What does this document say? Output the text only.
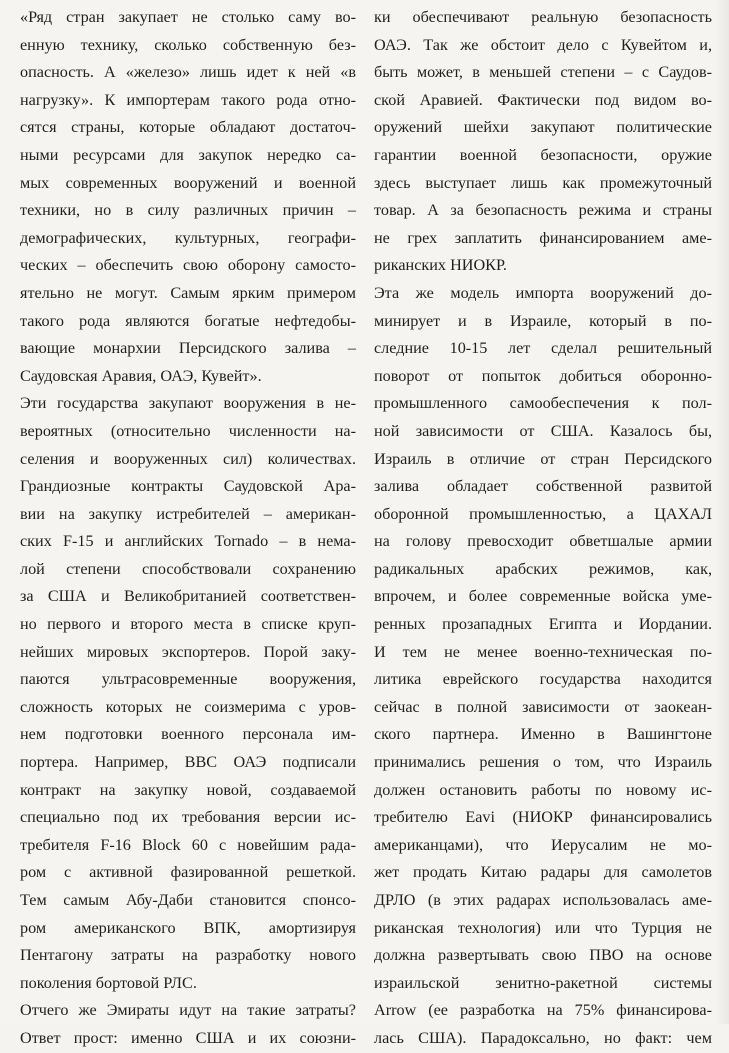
«Ряд стран закупает не столько саму во-
енную технику, сколько собственную без-
опасность. А «железо» лишь идет к ней «в
нагрузку». К импортерам такого рода отно-
сятся страны, которые обладают достаточ-
ными ресурсами для закупок нередко са-
мых современных вооружений и военной
техники, но в силу различных причин –
демографических, культурных, географи-
ческих – обеспечить свою оборону самосто-
ятельно не могут. Самым ярким примером
такого рода являются богатые нефтедобы-
вающие монархии Персидского залива –
Саудовская Аравия, ОАЭ, Кувейт».
Эти государства закупают вооружения в не-
вероятных (относительно численности на-
селения и вооруженных сил) количествах.
Грандиозные контракты Саудовской Ара-
вии на закупку истребителей – американ-
ских F-15 и английских Tornado – в нема-
лой степени способствовали сохранению
за США и Великобританией соответствен-
но первого и второго места в списке круп-
нейших мировых экспортеров. Порой заку-
паются ультрасовременные вооружения,
сложность которых не соизмерима с уров-
нем подготовки военного персонала им-
портера. Например, ВВС ОАЭ подписали
контракт на закупку новой, создаваемой
специально под их требования версии ис-
требителя F-16 Block 60 с новейшим рада-
ром с активной фазированной решеткой.
Тем самым Абу-Даби становится спонсо-
ром американского ВПК, амортизируя
Пентагону затраты на разработку нового
поколения бортовой РЛС.
Отчего же Эмираты идут на такие затраты?
Ответ прост: именно США и их союзни-
ки обеспечивают реальную безопасность
ОАЭ. Так же обстоит дело с Кувейтом и,
быть может, в меньшей степени – с Саудов-
ской Аравией. Фактически под видом во-
оружений шейхи закупают политические
гарантии военной безопасности, оружие
здесь выступает лишь как промежуточный
товар. А за безопасность режима и страны
не грех заплатить финансированием аме-
риканских НИОКР.
Эта же модель импорта вооружений до-
минирует и в Израиле, который в по-
следние 10-15 лет сделал решительный
поворот от попыток добиться оборонно-
промышленного самообеспечения к пол-
ной зависимости от США. Казалось бы,
Израиль в отличие от стран Персидского
залива обладает собственной развитой
оборонной промышленностью, а ЦАХАЛ
на голову превосходит обветшалые армии
радикальных арабских режимов, как,
впрочем, и более современные войска уме-
ренных прозападных Египта и Иордании.
И тем не менее военно-техническая по-
литика еврейского государства находится
сейчас в полной зависимости от заокеан-
ского партнера. Именно в Вашингтоне
принимались решения о том, что Израиль
должен остановить работы по новому ис-
требителю Eavi (НИОКР финансировались
американцами), что Иерусалим не мо-
жет продать Китаю радары для самолетов
ДРЛО (в этих радарах использовалась аме-
риканская технология) или что Турция не
должна развертывать свою ПВО на основе
израильской зенитно-ракетной системы
Arrow (ее разработка на 75% финансирова-
лась США). Парадоксально, но факт: чем
